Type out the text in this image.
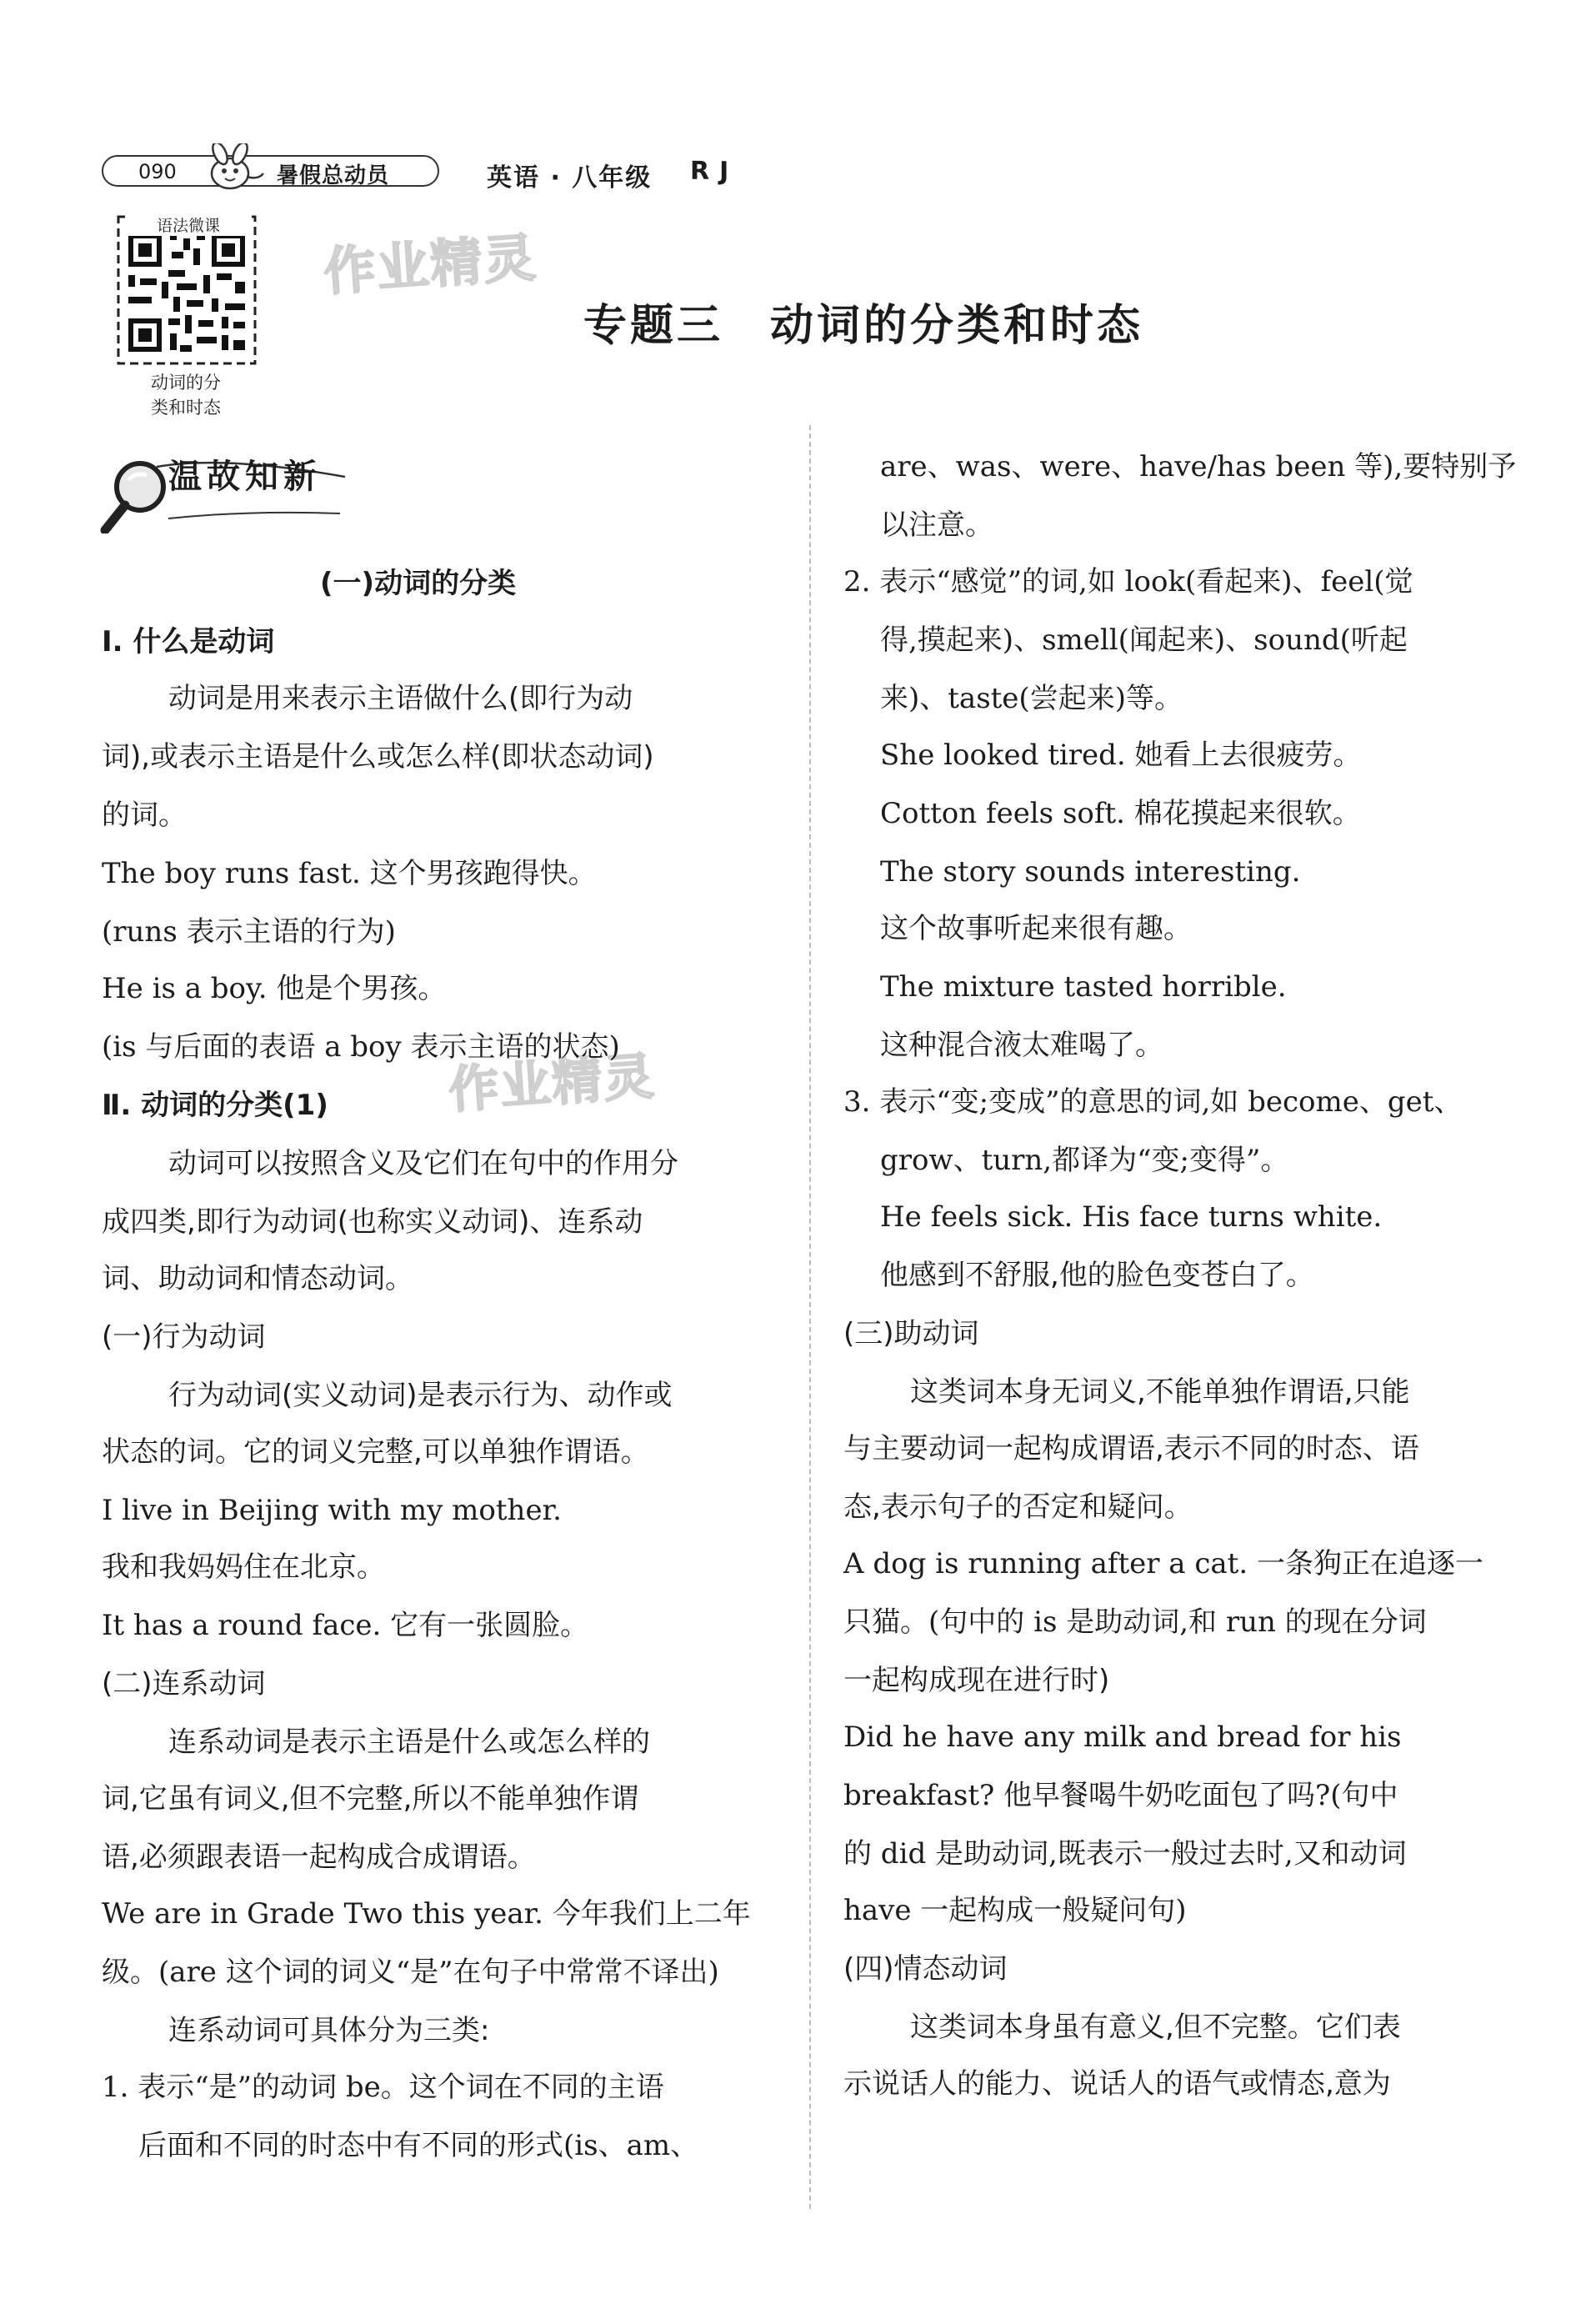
090	暑假总动员	英语 · 八年级 RJ
语法微课
动词的分
类和时态
作业精灵
作业精灵
专题三　动词的分类和时态
温故知新
(一)动词的分类
Ⅰ. 什么是动词
动词是用来表示主语做什么(即行为动
词),或表示主语是什么或怎么样(即状态动词)
的词。
The boy runs fast. 这个男孩跑得快。
(runs 表示主语的行为)
He is a boy. 他是个男孩。
(is 与后面的表语 a boy 表示主语的状态)
Ⅱ. 动词的分类(1)
动词可以按照含义及它们在句中的作用分
成四类,即行为动词(也称实义动词)、连系动
词、助动词和情态动词。
(一)行为动词
行为动词(实义动词)是表示行为、动作或
状态的词。它的词义完整,可以单独作谓语。
I live in Beijing with my mother.
我和我妈妈住在北京。
It has a round face. 它有一张圆脸。
(二)连系动词
连系动词是表示主语是什么或怎么样的
词,它虽有词义,但不完整,所以不能单独作谓
语,必须跟表语一起构成合成谓语。
We are in Grade Two this year. 今年我们上二年
级。(are 这个词的词义“是”在句子中常常不译出)
连系动词可具体分为三类:
1. 表示“是”的动词 be。这个词在不同的主语
后面和不同的时态中有不同的形式(is、am、
are、was、were、have/has been 等),要特别予
以注意。
2. 表示“感觉”的词,如 look(看起来)、feel(觉
得,摸起来)、smell(闻起来)、sound(听起
来)、taste(尝起来)等。
She looked tired. 她看上去很疲劳。
Cotton feels soft. 棉花摸起来很软。
The story sounds interesting.
这个故事听起来很有趣。
The mixture tasted horrible.
这种混合液太难喝了。
3. 表示“变;变成”的意思的词,如 become、get、
grow、turn,都译为“变;变得”。
He feels sick. His face turns white.
他感到不舒服,他的脸色变苍白了。
(三)助动词
这类词本身无词义,不能单独作谓语,只能
与主要动词一起构成谓语,表示不同的时态、语
态,表示句子的否定和疑问。
A dog is running after a cat. 一条狗正在追逐一
只猫。(句中的 is 是助动词,和 run 的现在分词
一起构成现在进行时)
Did he have any milk and bread for his
breakfast? 他早餐喝牛奶吃面包了吗?(句中
的 did 是助动词,既表示一般过去时,又和动词
have 一起构成一般疑问句)
(四)情态动词
这类词本身虽有意义,但不完整。它们表
示说话人的能力、说话人的语气或情态,意为
